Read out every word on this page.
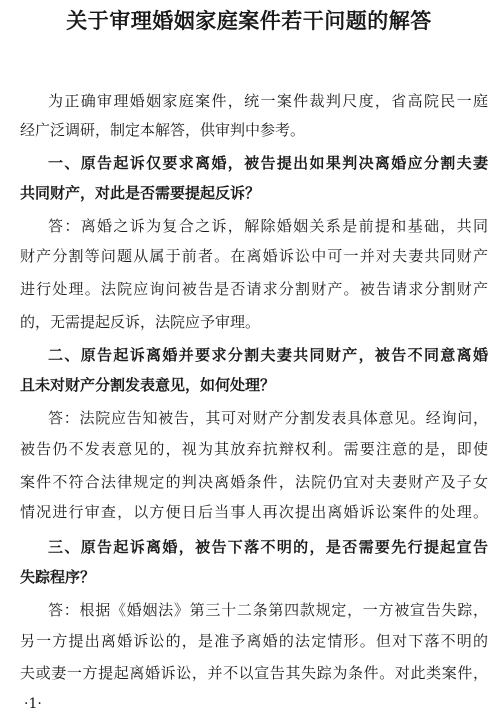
关于审理婚姻家庭案件若干问题的解答
为正确审理婚姻家庭案件，统一案件裁判尺度，省高院民一庭
经广泛调研，制定本解答，供审判中参考。
一、原告起诉仅要求离婚，被告提出如果判决离婚应分割夫妻
共同财产，对此是否需要提起反诉？
答：离婚之诉为复合之诉，解除婚姻关系是前提和基础，共同
财产分割等问题从属于前者。在离婚诉讼中可一并对夫妻共同财产
进行处理。法院应询问被告是否请求分割财产。被告请求分割财产
的，无需提起反诉，法院应予审理。
二、原告起诉离婚并要求分割夫妻共同财产，被告不同意离婚
且未对财产分割发表意见，如何处理？
答：法院应告知被告，其可对财产分割发表具体意见。经询问，
被告仍不发表意见的，视为其放弃抗辩权利。需要注意的是，即使
案件不符合法律规定的判决离婚条件，法院仍宜对夫妻财产及子女
情况进行审查，以方便日后当事人再次提出离婚诉讼案件的处理。
三、原告起诉离婚，被告下落不明的，是否需要先行提起宣告
失踪程序？
答：根据《婚姻法》第三十二条第四款规定，一方被宣告失踪，
另一方提出离婚诉讼的，是准予离婚的法定情形。但对下落不明的
夫或妻一方提起离婚诉讼，并不以宣告其失踪为条件。对此类案件，
·1·
